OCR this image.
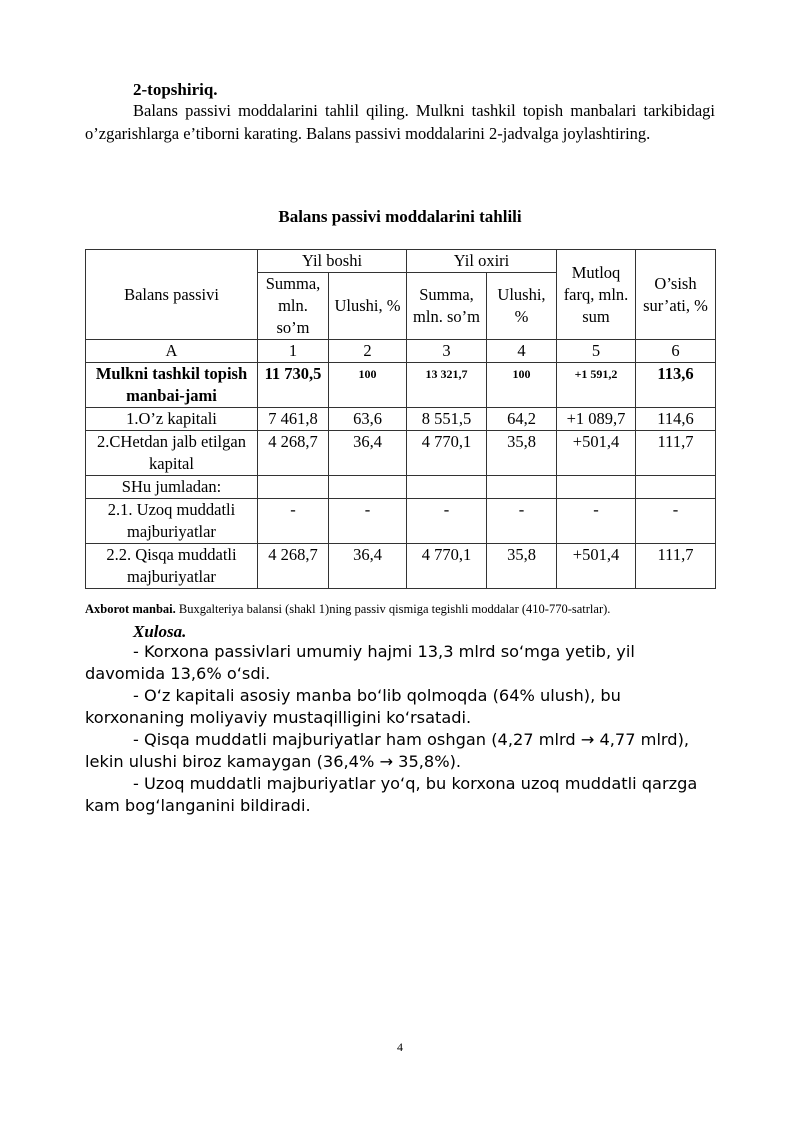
2-topshiriq.
Balans passivi moddalarini tahlil qiling. Mulkni tashkil topish manbalari tarkibidagi o’zgarishlarga e’tiborni karating. Balans passivi moddalarini 2-jadvalga joylashtiring.
Balans passivi moddalarini tahlili
Balans passivi	Yil boshi		Yil oxiri		Mutloq farq, mln. sum	O’sish sur’ati, %
	Summa, mln. so’m	Ulushi, %	Summa, mln. so’m	Ulushi, %		
A	1	2	3	4	5	6
Mulkni tashkil topish manbai-jami	11 730,5	100	13 321,7	100	+1 591,2	113,6
1.O’z kapitali	7 461,8	63,6	8 551,5	64,2	+1 089,7	114,6
2.CHetdan jalb etilgan kapital	4 268,7	36,4	4 770,1	35,8	+501,4	111,7
SHu jumladan:						
2.1. Uzoq muddatli majburiyatlar	-	-	-	-	-	-
2.2. Qisqa muddatli majburiyatlar	4 268,7	36,4	4 770,1	35,8	+501,4	111,7
Axborot manbai. Buxgalteriya balansi (shakl 1)ning passiv qismiga tegishli moddalar (410-770-satrlar).
Xulosa.

- Korxona passivlari umumiy hajmi 13,3 mlrd so‘mga yetib, yil davomida 13,6% o‘sdi.

- O‘z kapitali asosiy manba bo‘lib qolmoqda (64% ulush), bu korxonaning moliyaviy mustaqilligini ko‘rsatadi.

- Qisqa muddatli majburiyatlar ham oshgan (4,27 mlrd → 4,77 mlrd), lekin ulushi biroz kamaygan (36,4% → 35,8%).

- Uzoq muddatli majburiyatlar yo‘q, bu korxona uzoq muddatli qarzga kam bog‘langanini bildiradi.

4
